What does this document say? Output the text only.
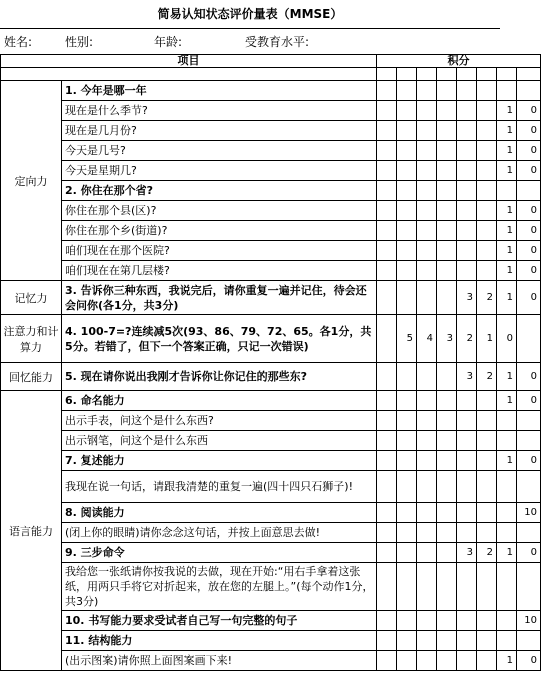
简易认知状态评价量表（MMSE）
姓名:	性别:	年龄:	受教育水平:
项目		积分							

定向力	1. 今年是哪一年								
	现在是什么季节?							1	0
	现在是几月份?							1	0
	今天是几号?							1	0
	今天是星期几?							1	0
	2. 你住在那个省?								
	你住在那个县(区)?							1	0
	你住在那个乡(街道)?							1	0
	咱们现在在那个医院?							1	0
	咱们现在在第几层楼?							1	0
记忆力	3. 告诉你三种东西，我说完后，请你重复一遍并记住，待会还会问你(各1分，共3分)					3	2	1	0
注意力和计算力	4. 100-7=?连续减5次(93、86、79、72、65。各1分，共5分。若错了，但下一个答案正确，只记一次错误)		5	4	3	2	1	0	
回忆能力	5. 现在请你说出我刚才告诉你让你记住的那些东?					3	2	1	0
语言能力	6. 命名能力							1	0
	出示手表，问这个是什么东西?								
	出示钢笔，问这个是什么东西								
	7. 复述能力							1	0
	我现在说一句话，请跟我清楚的重复一遍(四十四只石狮子)!								
	8. 阅读能力								10
	(闭上你的眼睛)请你念念这句话，并按上面意思去做!								
	9. 三步命令					3	2	1	0
	我给您一张纸请你按我说的去做，现在开始:“用右手拿着这张纸，用两只手将它对折起来，放在您的左腿上。”(每个动作1分，共3分)								
	10. 书写能力要求受试者自己写一句完整的句子								10
	11. 结构能力								
	(出示图案)请你照上面图案画下来!							1	0
